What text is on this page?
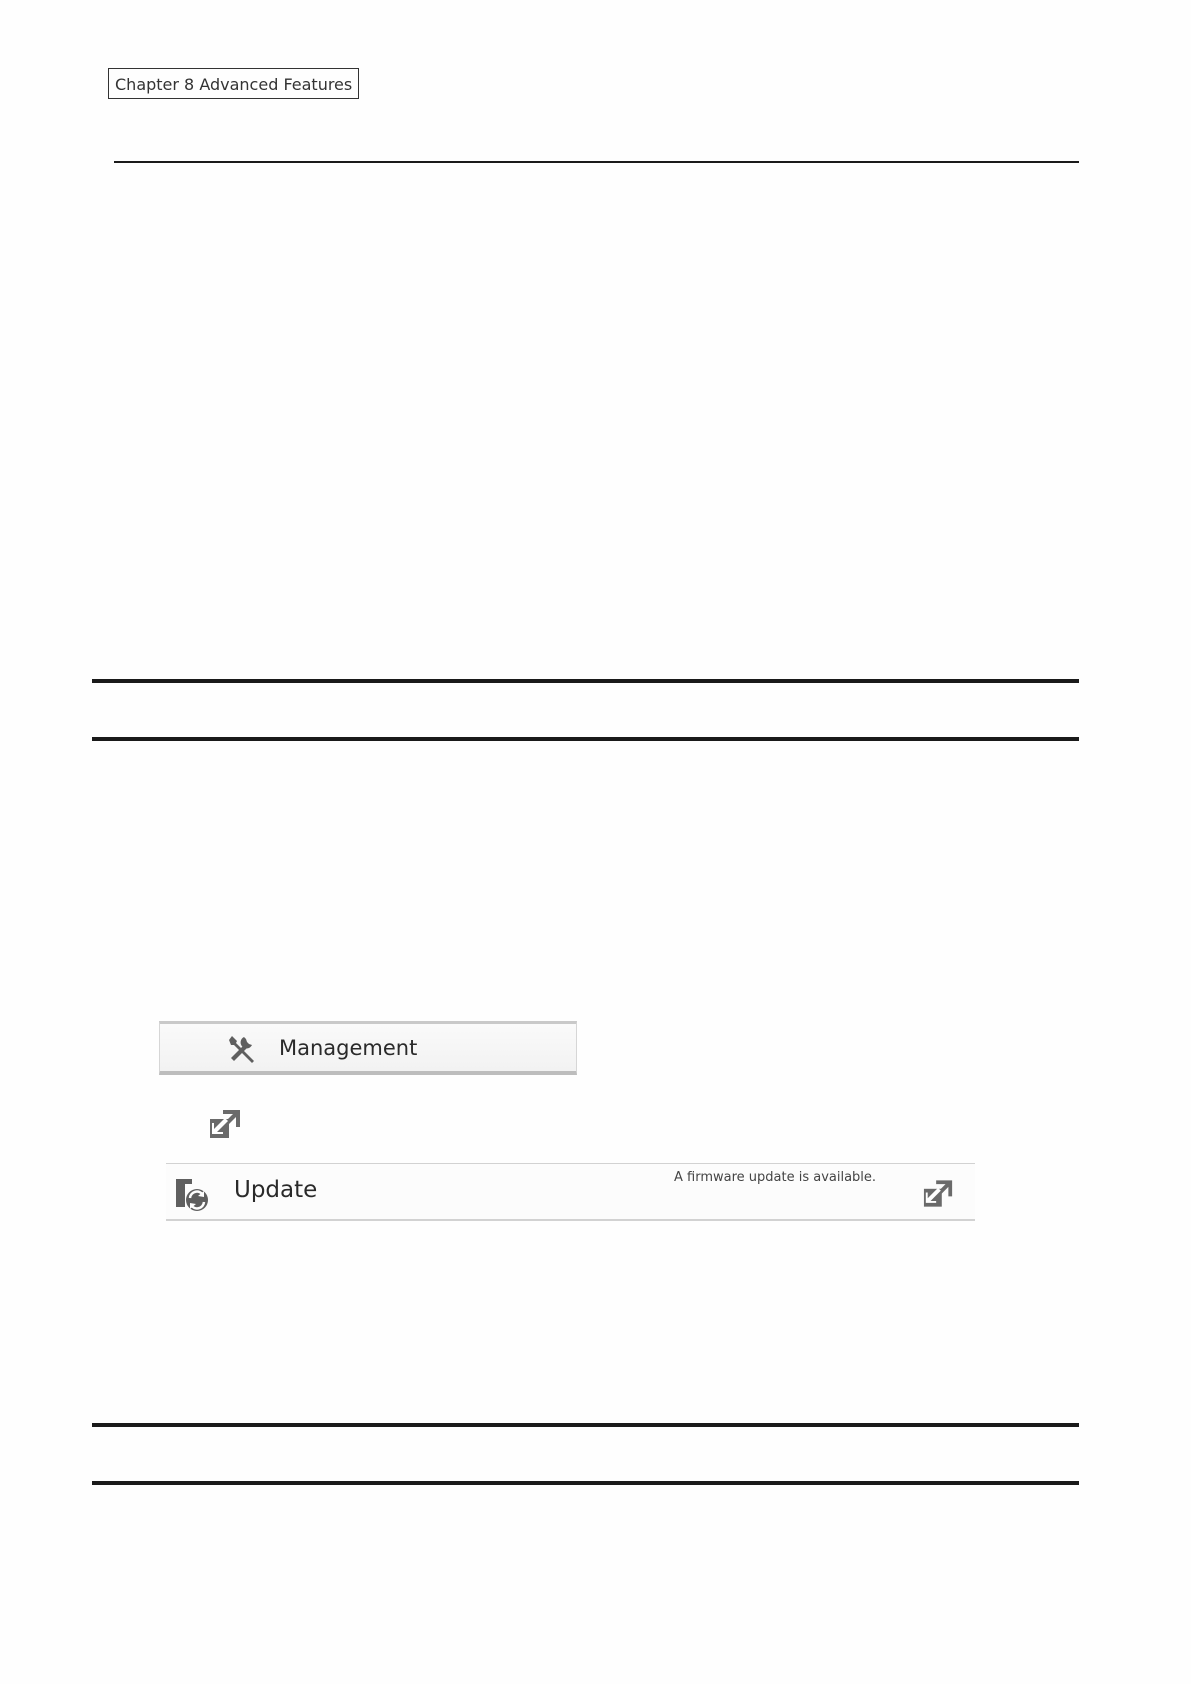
Chapter 8 Advanced Features
Management
Update	A firmware update is available.
